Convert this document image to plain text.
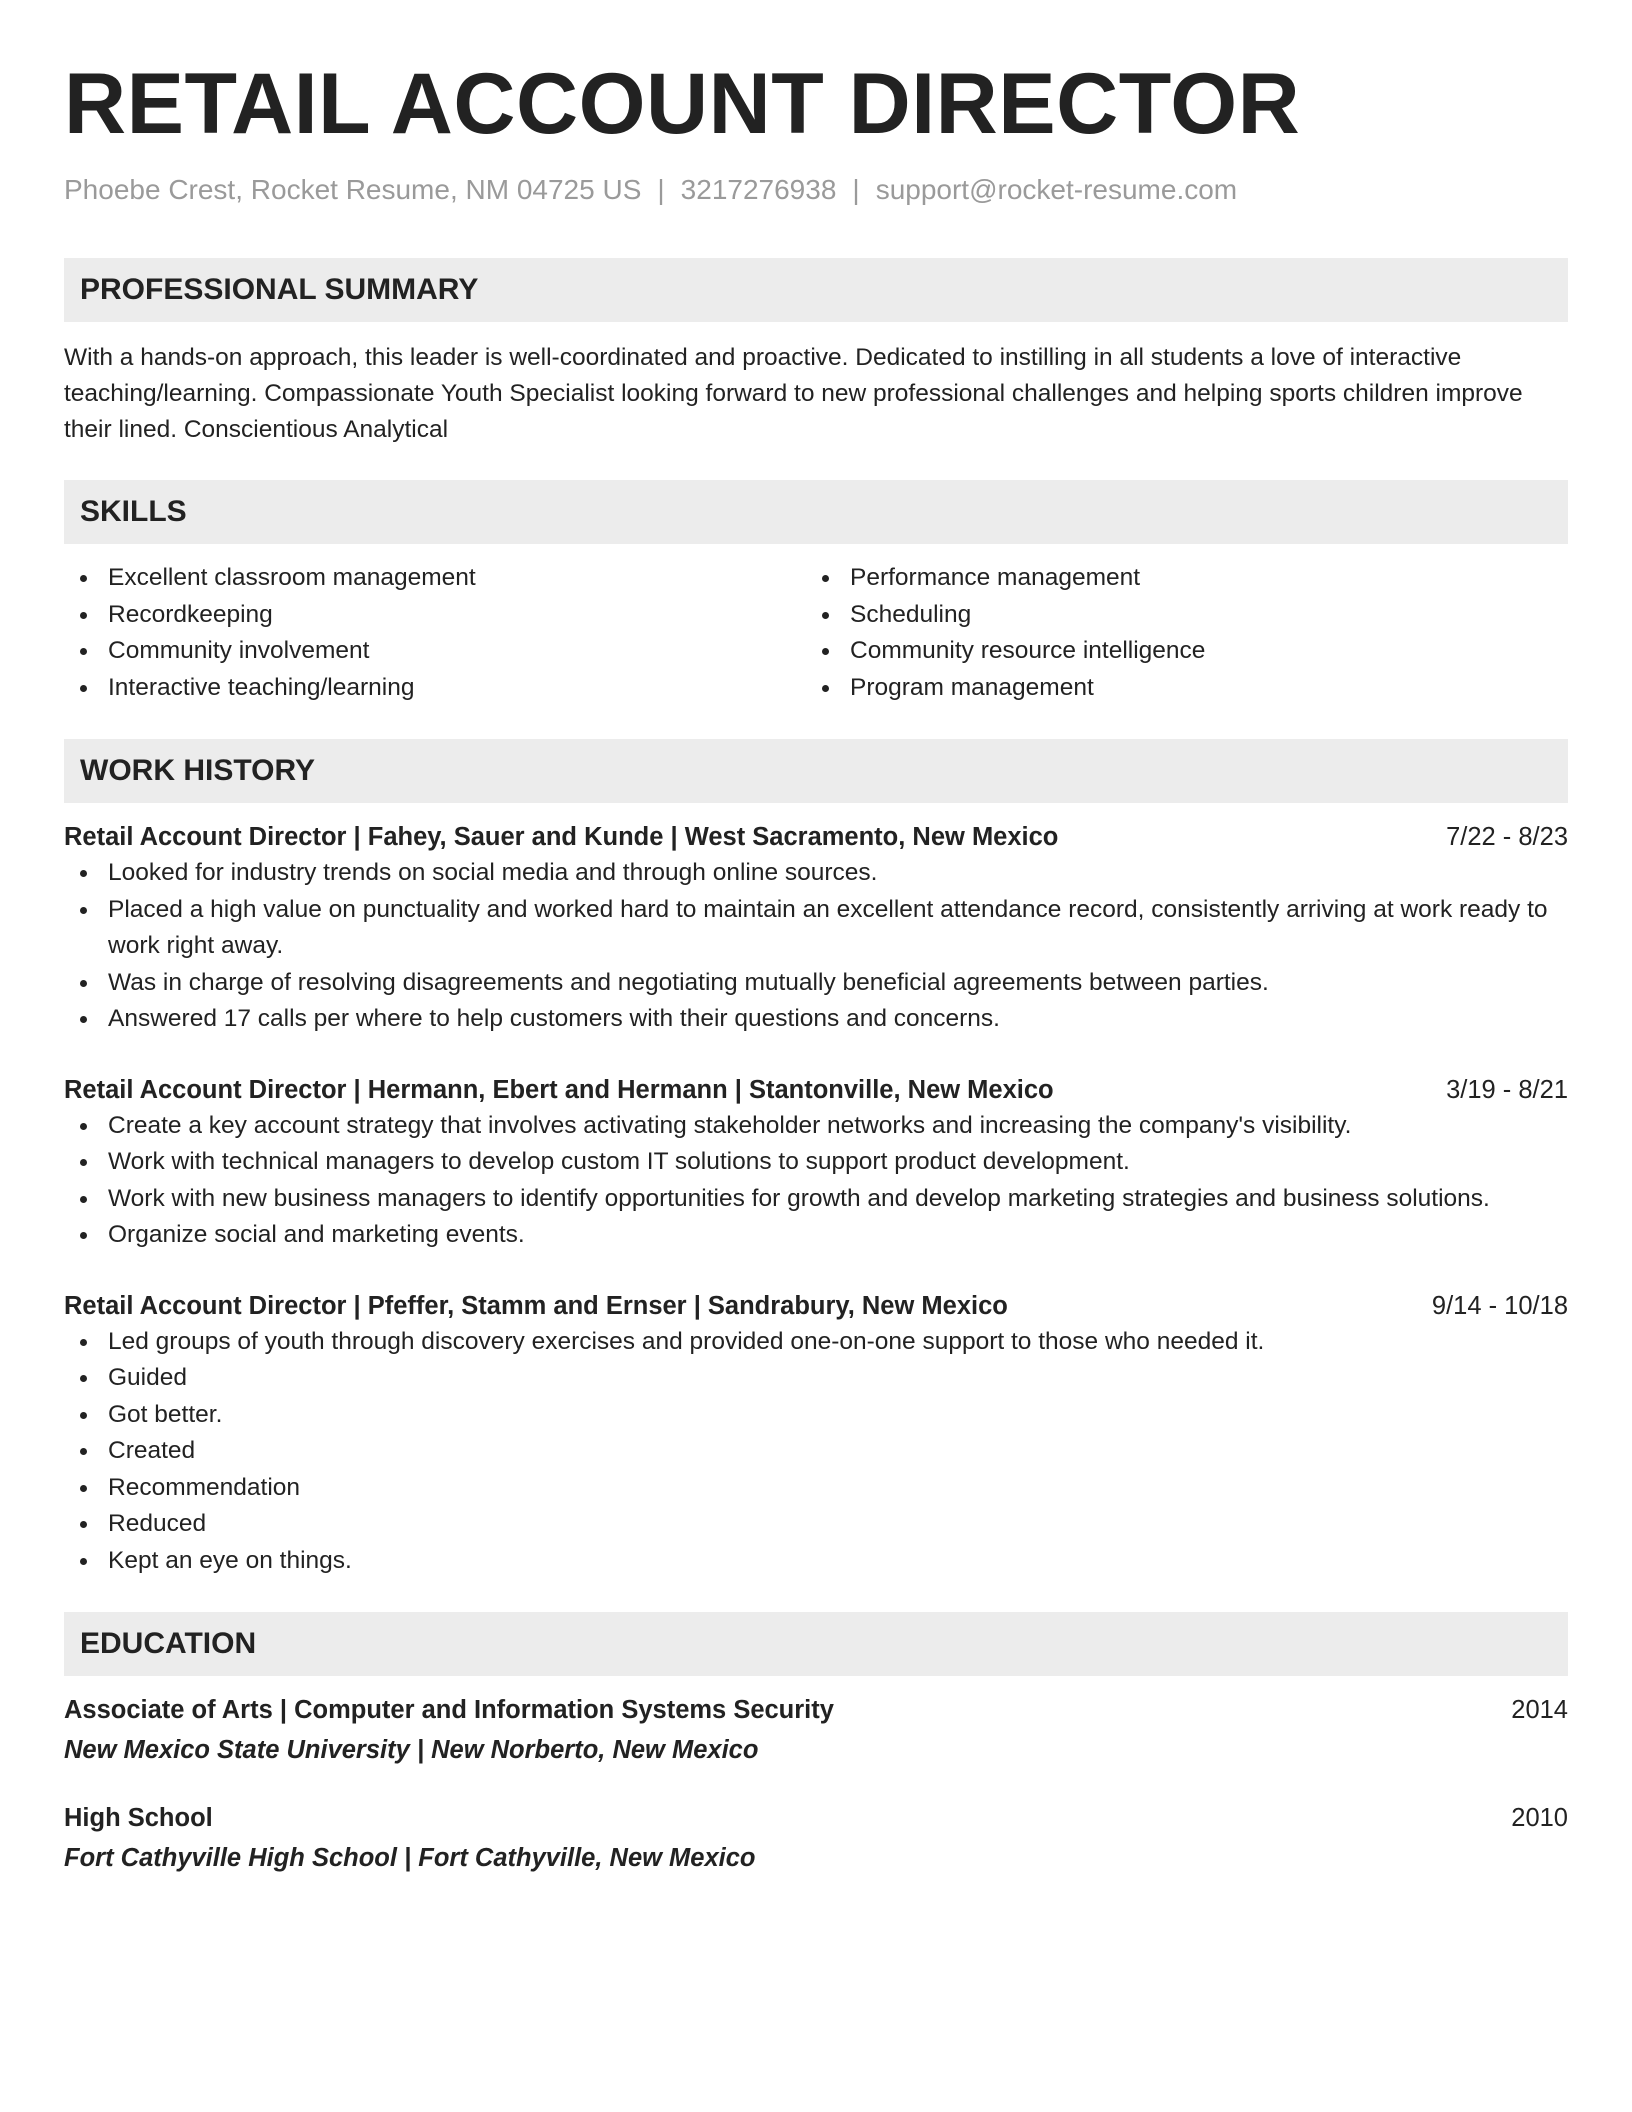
RETAIL ACCOUNT DIRECTOR
Phoebe Crest, Rocket Resume, NM 04725 US | 3217276938 | support@rocket-resume.com
PROFESSIONAL SUMMARY

With a hands-on approach, this leader is well-coordinated and proactive. Dedicated to instilling in all students a love of interactive teaching/learning. Compassionate Youth Specialist looking forward to new professional challenges and helping sports children improve their lined. Conscientious Analytical

SKILLS
Excellent classroom management
Recordkeeping
Community involvement
Interactive teaching/learning
Performance management
Scheduling
Community resource intelligence
Program management
WORK HISTORY
Retail Account Director | Fahey, Sauer and Kunde | West Sacramento, New Mexico	7/22 - 8/23
Looked for industry trends on social media and through online sources.
Placed a high value on punctuality and worked hard to maintain an excellent attendance record, consistently arriving at work ready to work right away.
Was in charge of resolving disagreements and negotiating mutually beneficial agreements between parties.
Answered 17 calls per where to help customers with their questions and concerns.
Retail Account Director | Hermann, Ebert and Hermann | Stantonville, New Mexico	3/19 - 8/21
Create a key account strategy that involves activating stakeholder networks and increasing the company's visibility.
Work with technical managers to develop custom IT solutions to support product development.
Work with new business managers to identify opportunities for growth and develop marketing strategies and business solutions.
Organize social and marketing events.
Retail Account Director | Pfeffer, Stamm and Ernser | Sandrabury, New Mexico	9/14 - 10/18
Led groups of youth through discovery exercises and provided one-on-one support to those who needed it.
Guided
Got better.
Created
Recommendation
Reduced
Kept an eye on things.
EDUCATION
Associate of Arts | Computer and Information Systems Security	2014
New Mexico State University | New Norberto, New Mexico
High School	2010
Fort Cathyville High School | Fort Cathyville, New Mexico
